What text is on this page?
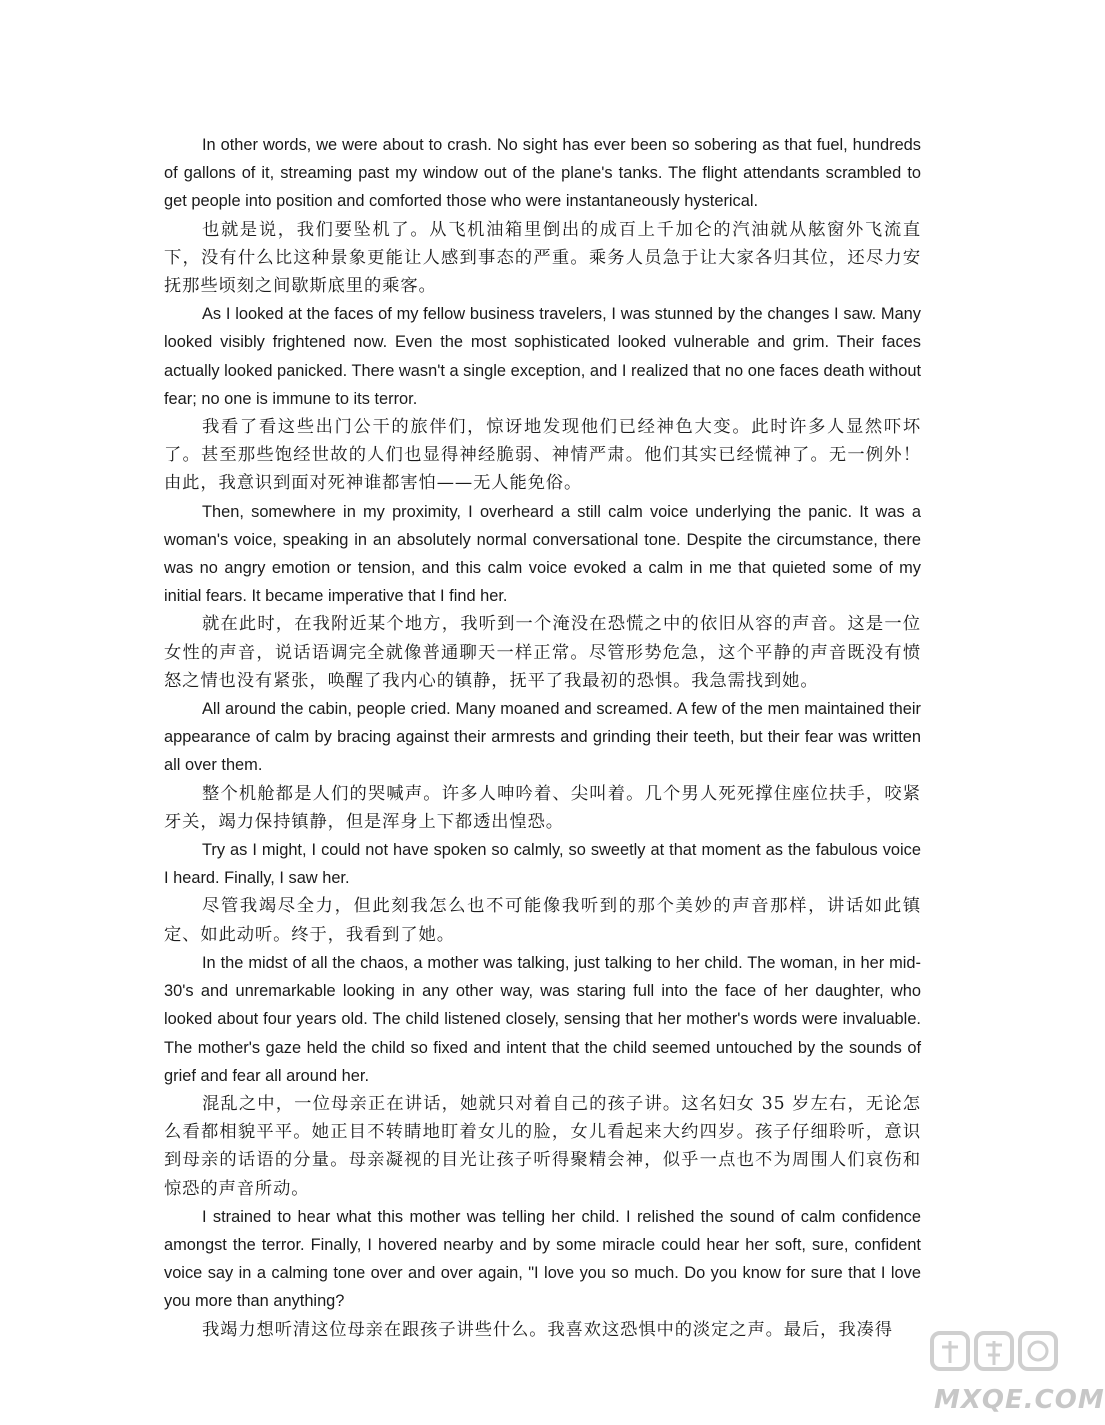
In other words, we were about to crash. No sight has ever been so sobering as that fuel, hundreds of gallons of it, streaming past my window out of the plane's tanks. The flight attendants scrambled to get people into position and comforted those who were instantaneously hysterical.

也就是说，我们要坠机了。从飞机油箱里倒出的成百上千加仑的汽油就从舷窗外飞流直下，没有什么比这种景象更能让人感到事态的严重。乘务人员急于让大家各归其位，还尽力安抚那些顷刻之间歇斯底里的乘客。

As I looked at the faces of my fellow business travelers, I was stunned by the changes I saw. Many looked visibly frightened now. Even the most sophisticated looked vulnerable and grim. Their faces actually looked panicked. There wasn't a single exception, and I realized that no one faces death without fear; no one is immune to its terror.

我看了看这些出门公干的旅伴们，惊讶地发现他们已经神色大变。此时许多人显然吓坏了。甚至那些饱经世故的人们也显得神经脆弱、神情严肃。他们其实已经慌神了。无一例外！由此，我意识到面对死神谁都害怕——无人能免俗。

Then, somewhere in my proximity, I overheard a still calm voice underlying the panic. It was a woman's voice, speaking in an absolutely normal conversational tone. Despite the circumstance, there was no angry emotion or tension, and this calm voice evoked a calm in me that quieted some of my initial fears. It became imperative that I find her.

就在此时，在我附近某个地方，我听到一个淹没在恐慌之中的依旧从容的声音。这是一位女性的声音，说话语调完全就像普通聊天一样正常。尽管形势危急，这个平静的声音既没有愤怒之情也没有紧张，唤醒了我内心的镇静，抚平了我最初的恐惧。我急需找到她。

All around the cabin, people cried. Many moaned and screamed. A few of the men maintained their appearance of calm by bracing against their armrests and grinding their teeth, but their fear was written all over them.

整个机舱都是人们的哭喊声。许多人呻吟着、尖叫着。几个男人死死撑住座位扶手，咬紧牙关，竭力保持镇静，但是浑身上下都透出惶恐。

Try as I might, I could not have spoken so calmly, so sweetly at that moment as the fabulous voice I heard. Finally, I saw her.

尽管我竭尽全力，但此刻我怎么也不可能像我听到的那个美妙的声音那样，讲话如此镇定、如此动听。终于，我看到了她。

In the midst of all the chaos, a mother was talking, just talking to her child. The woman, in her mid-30's and unremarkable looking in any other way, was staring full into the face of her daughter, who looked about four years old. The child listened closely, sensing that her mother's words were invaluable. The mother's gaze held the child so fixed and intent that the child seemed untouched by the sounds of grief and fear all around her.

混乱之中，一位母亲正在讲话，她就只对着自己的孩子讲。这名妇女 35 岁左右，无论怎么看都相貌平平。她正目不转睛地盯着女儿的脸，女儿看起来大约四岁。孩子仔细聆听，意识到母亲的话语的分量。母亲凝视的目光让孩子听得聚精会神，似乎一点也不为周围人们哀伤和惊恐的声音所动。

I strained to hear what this mother was telling her child. I relished the sound of calm confidence amongst the terror. Finally, I hovered nearby and by some miracle could hear her soft, sure, confident voice say in a calming tone over and over again, "I love you so much. Do you know for sure that I love you more than anything?

我竭力想听清这位母亲在跟孩子讲些什么。我喜欢这恐惧中的淡定之声。最后，我凑得

MXQE.COM
